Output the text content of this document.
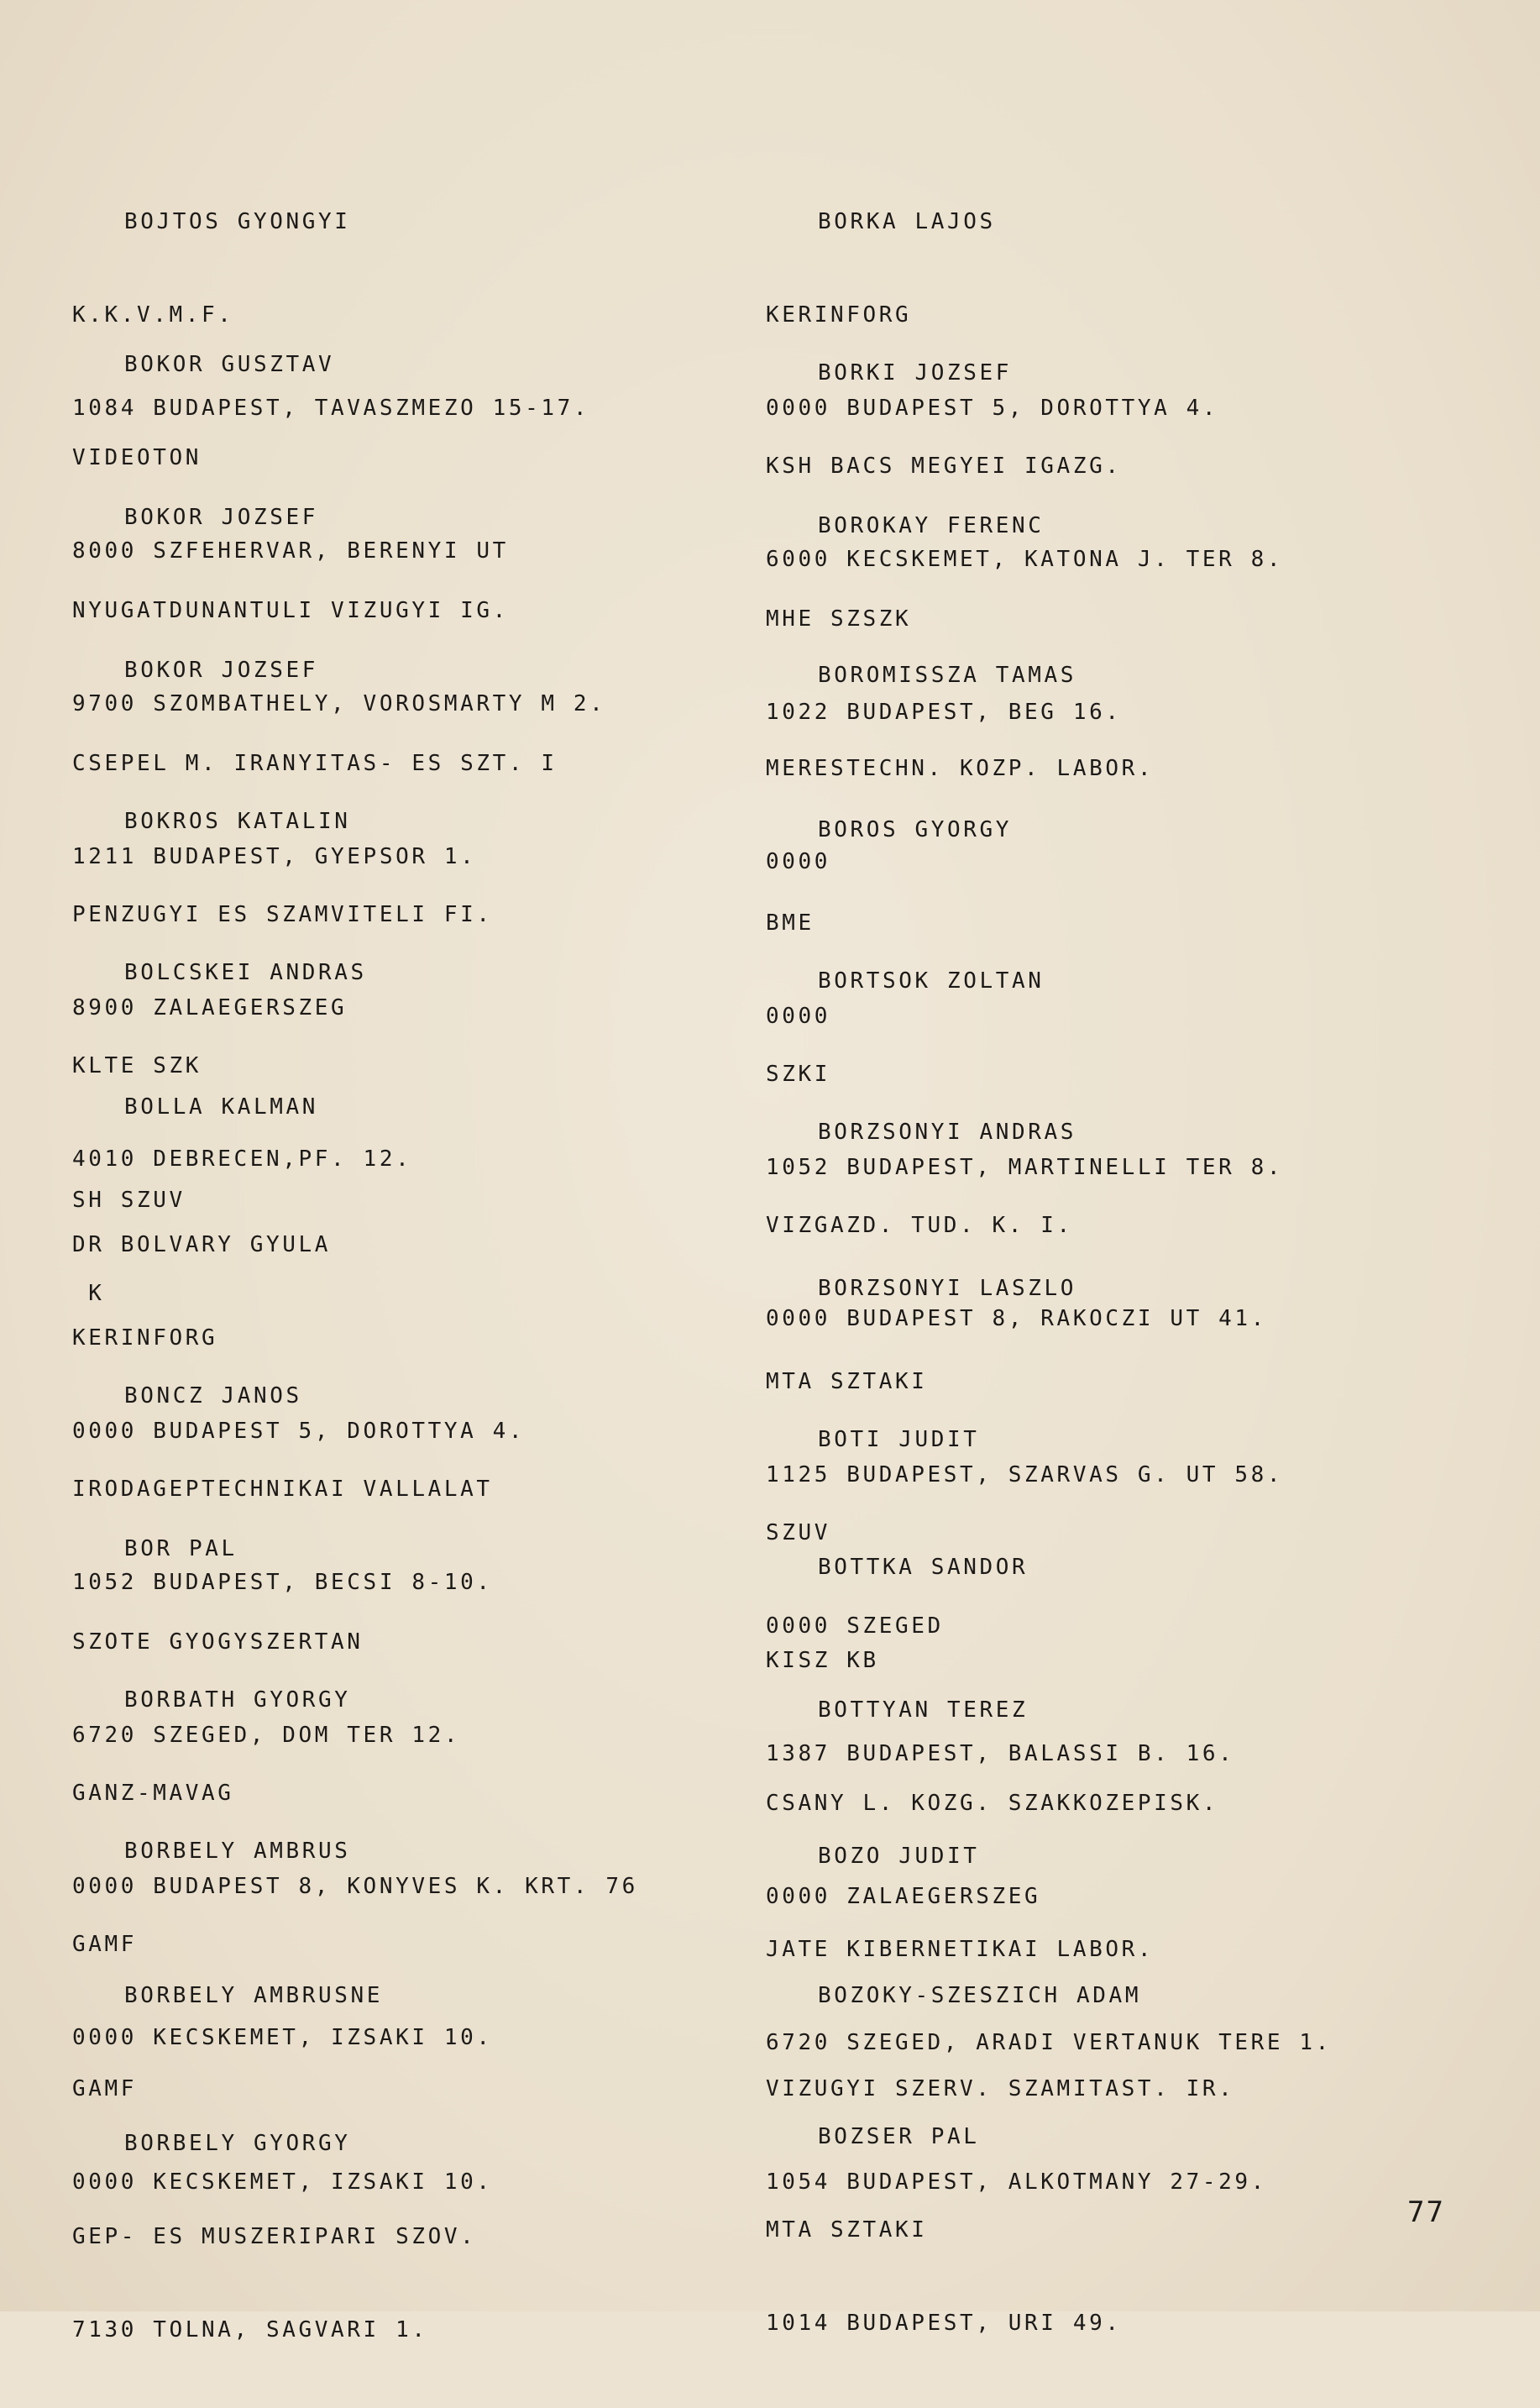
BOJTOS GYONGYI

K.K.V.M.F.

1084 BUDAPEST, TAVASZMEZO 15-17.

BOKOR GUSZTAV

VIDEOTON

8000 SZFEHERVAR, BERENYI UT

BOKOR JOZSEF

NYUGATDUNANTULI VIZUGYI IG.

9700 SZOMBATHELY, VOROSMARTY M 2.

BOKOR JOZSEF

CSEPEL M. IRANYITAS- ES SZT. I

1211 BUDAPEST, GYEPSOR 1.

BOKROS KATALIN

PENZUGYI ES SZAMVITELI FI.

8900 ZALAEGERSZEG

BOLCSKEI ANDRAS

KLTE SZK

4010 DEBRECEN,PF. 12.

BOLLA KALMAN

SH SZUV

K

DR BOLVARY GYULA

KERINFORG

0000 BUDAPEST 5, DOROTTYA 4.

BONCZ JANOS

IRODAGEPTECHNIKAI VALLALAT

1052 BUDAPEST, BECSI 8-10.

BOR PAL

SZOTE GYOGYSZERTAN

6720 SZEGED, DOM TER 12.

BORBATH GYORGY

GANZ-MAVAG

0000 BUDAPEST 8, KONYVES K. KRT. 76

BORBELY AMBRUS

GAMF

0000 KECSKEMET, IZSAKI 10.

BORBELY AMBRUSNE

GAMF

0000 KECSKEMET, IZSAKI 10.

BORBELY GYORGY

GEP- ES MUSZERIPARI SZOV.

7130 TOLNA, SAGVARI 1.

BORKA LAJOS

KERINFORG

0000 BUDAPEST 5, DOROTTYA 4.

BORKI JOZSEF

KSH BACS MEGYEI IGAZG.

6000 KECSKEMET, KATONA J. TER 8.

BOROKAY FERENC

MHE SZSZK

1022 BUDAPEST, BEG 16.

BOROMISSZA TAMAS

MERESTECHN. KOZP. LABOR.

0000

BOROS GYORGY

BME

0000

BORTSOK ZOLTAN

SZKI

1052 BUDAPEST, MARTINELLI TER 8.

BORZSONYI ANDRAS

VIZGAZD. TUD. K. I.

0000 BUDAPEST 8, RAKOCZI UT 41.

BORZSONYI LASZLO

MTA SZTAKI

1125 BUDAPEST, SZARVAS G. UT 58.

BOTI JUDIT

SZUV

0000 SZEGED

BOTTKA SANDOR

KISZ KB

1387 BUDAPEST, BALASSI B. 16.

BOTTYAN TEREZ

CSANY L. KOZG. SZAKKOZEPISK.

0000 ZALAEGERSZEG

BOZO JUDIT

JATE KIBERNETIKAI LABOR.

6720 SZEGED, ARADI VERTANUK TERE 1.

BOZOKY-SZESZICH ADAM

VIZUGYI SZERV. SZAMITAST. IR.

1054 BUDAPEST, ALKOTMANY 27-29.

BOZSER PAL

MTA SZTAKI

1014 BUDAPEST, URI 49.

77
